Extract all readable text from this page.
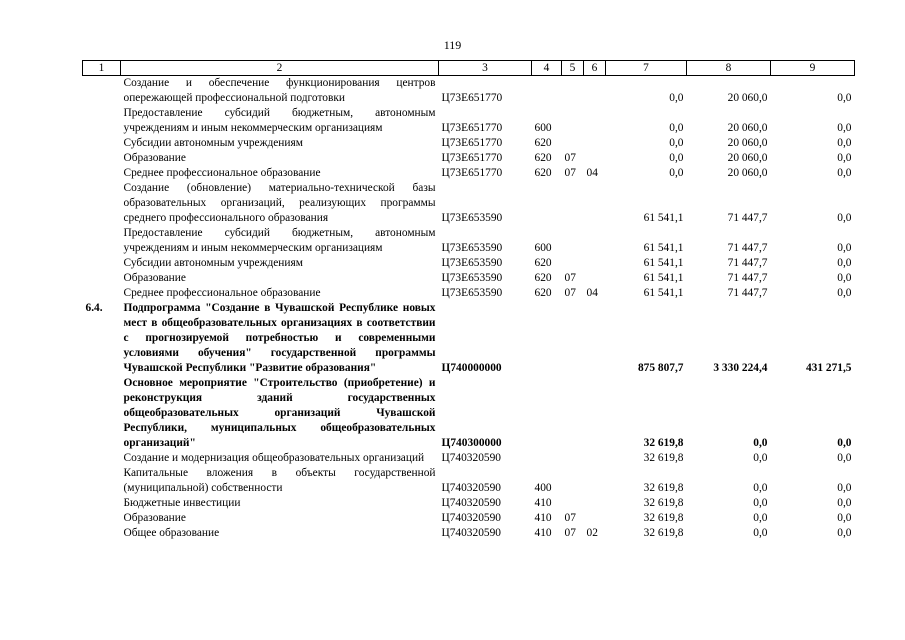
119
1	2	3	4	5	6	7	8	9
	Создание и обеспечение функционирования центров опережающей профессиональной подготовки	Ц73Е651770				0,0	20 060,0	0,0
	Предоставление субсидий бюджетным, автономным учреждениям и иным некоммерческим организациям	Ц73Е651770	600			0,0	20 060,0	0,0
	Субсидии автономным учреждениям	Ц73Е651770	620			0,0	20 060,0	0,0
	Образование	Ц73Е651770	620	07		0,0	20 060,0	0,0
	Среднее профессиональное образование	Ц73Е651770	620	07	04	0,0	20 060,0	0,0
	Создание (обновление) материально-технической базы образовательных организаций, реализующих программы среднего профессионального образования	Ц73Е653590				61 541,1	71 447,7	0,0
	Предоставление субсидий бюджетным, автономным учреждениям и иным некоммерческим организациям	Ц73Е653590	600			61 541,1	71 447,7	0,0
	Субсидии автономным учреждениям	Ц73Е653590	620			61 541,1	71 447,7	0,0
	Образование	Ц73Е653590	620	07		61 541,1	71 447,7	0,0
	Среднее профессиональное образование	Ц73Е653590	620	07	04	61 541,1	71 447,7	0,0
6.4.	Подпрограмма "Создание в Чувашской Республике новых мест в общеобразовательных организациях в соответствии с прогнозируемой потребностью и современными условиями обучения" государственной программы Чувашской Республики "Развитие образования"	Ц740000000				875 807,7	3 330 224,4	431 271,5
	Основное мероприятие "Строительство (приобретение) и реконструкция зданий государственных общеобразовательных организаций Чувашской Республики, муниципальных общеобразовательных организаций"	Ц740300000				32 619,8	0,0	0,0
	Создание и модернизация общеобразовательных организаций	Ц740320590				32 619,8	0,0	0,0
	Капитальные вложения в объекты государственной (муниципальной) собственности	Ц740320590	400			32 619,8	0,0	0,0
	Бюджетные инвестиции	Ц740320590	410			32 619,8	0,0	0,0
	Образование	Ц740320590	410	07		32 619,8	0,0	0,0
	Общее образование	Ц740320590	410	07	02	32 619,8	0,0	0,0
